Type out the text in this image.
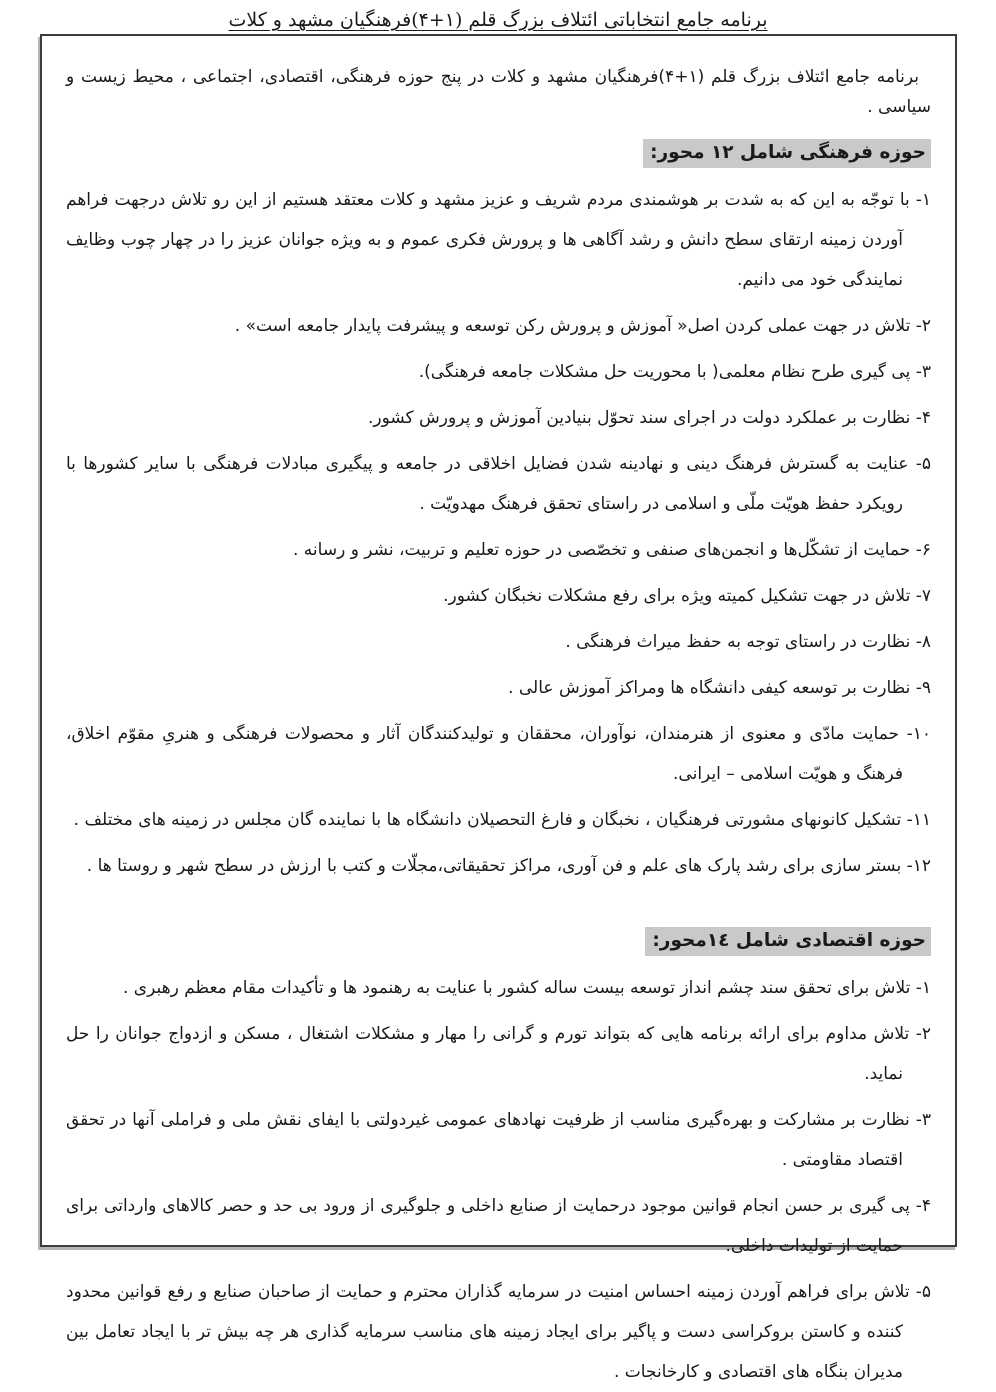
برنامه جامع انتخاباتی ائتلاف بزرگ قلم (۱+۴)فرهنگیان مشهد و کلات

برنامه جامع ائتلاف بزرگ قلم (۱+۴)فرهنگیان مشهد و کلات در پنج حوزه فرهنگی، اقتصادی، اجتماعی ، محیط زیست و سیاسی .

حوزه فرهنگی شامل ۱۲ محور:

۱- با توجّه به این که به شدت بر هوشمندی مردم شریف و عزیز مشهد و کلات معتقد هستیم از این رو تلاش درجهت فراهم آوردن زمینه ارتقای سطح دانش و رشد آگاهی ها و پرورش فکری عموم و به ویژه جوانان عزیز را در چهار چوب وظایف نمایندگی خود می دانیم.

۲- تلاش در جهت عملی کردن اصل« آموزش و پرورش رکن توسعه و پیشرفت پایدار جامعه است» .

۳- پی گیری طرح نظام معلمی( با محوریت حل مشکلات جامعه فرهنگی).

۴- نظارت بر عملکرد دولت در اجرای سند تحوّل بنیادین آموزش و پرورش کشور.

۵- عنایت به گسترش فرهنگ دینی و نهادینه شدن فضایل اخلاقی در جامعه و پیگیری مبادلات فرهنگی با سایر کشورها با رویکرد حفظ هویّت ملّی و اسلامی در راستای تحقق فرهنگ مهدویّت .

۶- حمایت از تشکّل‌ها و انجمن‌های صنفی و تخصّصی در حوزه تعلیم و تربیت، نشر و رسانه .

۷- تلاش در جهت تشکیل کمیته ویژه برای رفع مشکلات نخبگان کشور.

۸- نظارت در راستای توجه به حفظ میراث فرهنگی .

۹- نظارت بر توسعه کیفی دانشگاه ها ومراکز آموزش عالی .

۱۰- حمایت مادّی و معنوی از هنرمندان، نوآوران، محققان و تولیدکنندگان آثار و محصولات فرهنگی و هنریِ مقوّم اخلاق، فرهنگ و هویّت اسلامی – ایرانی.

۱۱- تشکیل کانونهای مشورتی فرهنگیان ، نخبگان و فارغ التحصیلان دانشگاه ها با نماینده گان مجلس در زمینه های مختلف .

۱۲- بستر سازی برای رشد پارک های علم و فن آوری، مراکز تحقیقاتی،مجلّات و کتب با ارزش در سطح شهر و روستا ها .

حوزه اقتصادی شامل ۱٤محور:

۱- تلاش برای تحقق سند چشم انداز توسعه بیست ساله کشور با عنایت به رهنمود ها و تأکیدات مقام معظم رهبری .

۲- تلاش مداوم برای ارائه برنامه هایی که بتواند تورم و گرانی را مهار و مشکلات اشتغال ، مسکن و ازدواج جوانان را حل نماید.

۳- نظارت بر مشارکت و بهره‌گیری مناسب از ظرفیت نهادهای عمومی غیردولتی با ایفای نقش ملی و فراملی آنها در تحقق اقتصاد مقاومتی .

۴- پی گیری بر حسن انجام قوانین موجود درحمایت از صنایع داخلی و جلوگیری از ورود بی حد و حصر کالاهای وارداتی برای حمایت از تولیدات داخلی.

۵- تلاش برای فراهم آوردن زمینه احساس امنیت در سرمایه گذاران محترم و حمایت از صاحبان صنایع و رفع قوانین محدود کننده و کاستن بروکراسی دست و پاگیر برای ایجاد زمینه های مناسب سرمایه گذاری هر چه بیش تر با ایجاد تعامل بین مدیران بنگاه های اقتصادی و کارخانجات .
